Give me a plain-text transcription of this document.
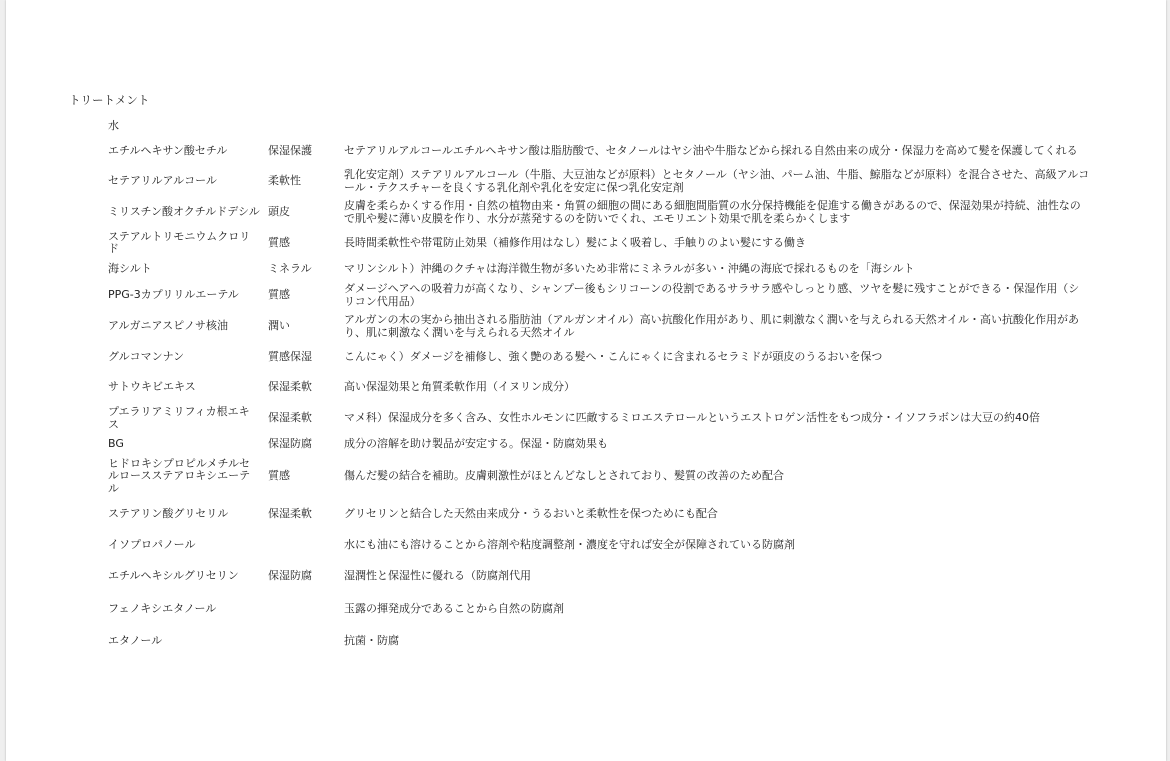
トリートメント
水
エチルヘキサン酸セチル	保湿保護	セテアリルアルコールエチルヘキサン酸は脂肪酸で、セタノールはヤシ油や牛脂などから採れる自然由来の成分・保湿力を高めて髪を保護してくれる
セテアリルアルコール	柔軟性	乳化安定剤）ステアリルアルコール（牛脂、大豆油などが原料）とセタノール（ヤシ油、パーム油、牛脂、鯨脂などが原料）を混合させた、高級アルコール・テクスチャーを良くする乳化剤や乳化を安定に保つ乳化安定剤
ミリスチン酸オクチルドデシル	頭皮	皮膚を柔らかくする作用・自然の植物由来・角質の細胞の間にある細胞間脂質の水分保持機能を促進する働きがあるので、保湿効果が持続、油性なので肌や髪に薄い皮膜を作り、水分が蒸発するのを防いでくれ、エモリエント効果で肌を柔らかくします
ステアルトリモニウムクロリド	質感	長時間柔軟性や帯電防止効果（補修作用はなし）髪によく吸着し、手触りのよい髪にする働き
海シルト	ミネラル	マリンシルト）沖縄のクチャは海洋微生物が多いため非常にミネラルが多い・沖縄の海底で採れるものを「海シルト
PPG-3カプリリルエーテル	質感	ダメージヘアへの吸着力が高くなり、シャンプー後もシリコーンの役割であるサラサラ感やしっとり感、ツヤを髪に残すことができる・保湿作用（シリコン代用品）
アルガニアスピノサ核油	潤い	アルガンの木の実から抽出される脂肪油（アルガンオイル）高い抗酸化作用があり、肌に刺激なく潤いを与えられる天然オイル・高い抗酸化作用があり、肌に刺激なく潤いを与えられる天然オイル
グルコマンナン	質感保湿	こんにゃく）ダメージを補修し、強く艶のある髪へ・こんにゃくに含まれるセラミドが頭皮のうるおいを保つ
サトウキビエキス	保湿柔軟	高い保湿効果と角質柔軟作用（イヌリン成分）
プエラリアミリフィカ根エキス	保湿柔軟	マメ科）保湿成分を多く含み、女性ホルモンに匹敵するミロエステロールというエストロゲン活性をもつ成分・イソフラボンは大豆の約40倍
BG	保湿防腐	成分の溶解を助け製品が安定する。保湿・防腐効果も
ヒドロキシプロピルメチルセルロースステアロキシエーテル	質感	傷んだ髪の結合を補助。皮膚刺激性がほとんどなしとされており、髪質の改善のため配合
ステアリン酸グリセリル	保湿柔軟	グリセリンと結合した天然由来成分・うるおいと柔軟性を保つためにも配合
イソプロパノール		水にも油にも溶けることから溶剤や粘度調整剤・濃度を守れば安全が保障されている防腐剤
エチルヘキシルグリセリン	保湿防腐	湿潤性と保湿性に優れる（防腐剤代用
フェノキシエタノール		玉露の揮発成分であることから自然の防腐剤
エタノール		抗菌・防腐
